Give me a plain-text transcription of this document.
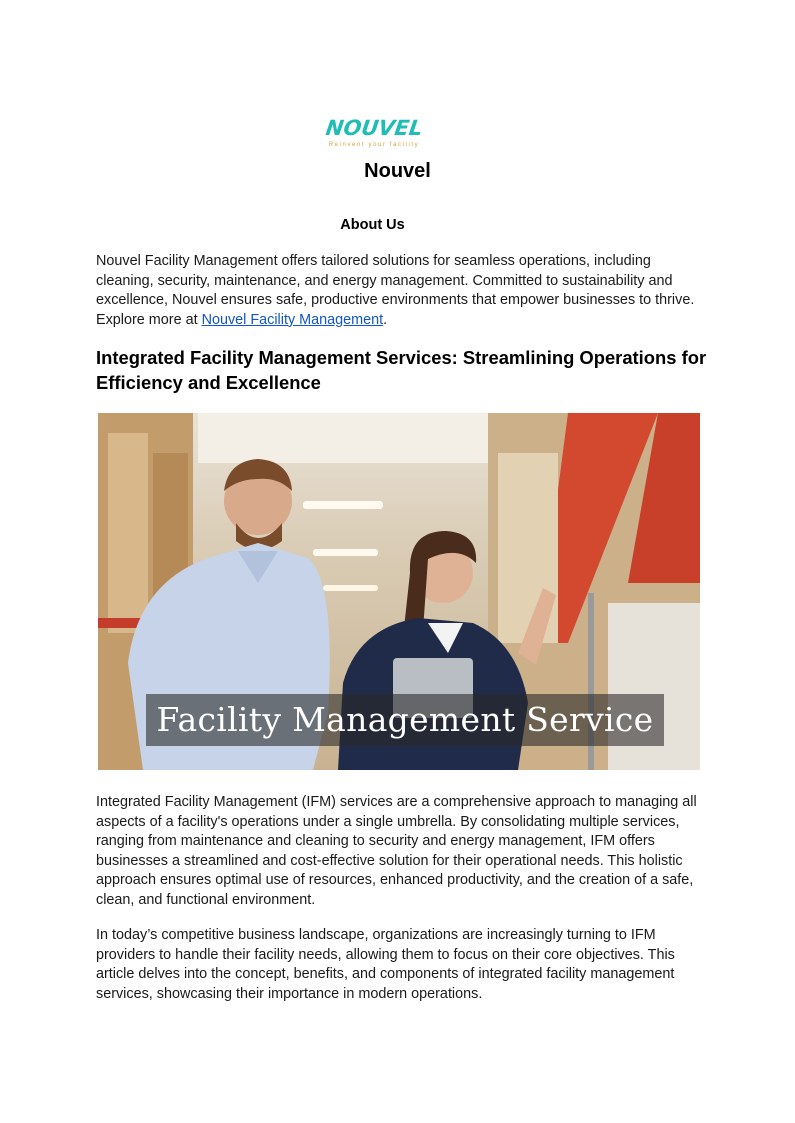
NOUVEL
Reinvent your facility
Nouvel
About Us

Nouvel Facility Management offers tailored solutions for seamless operations, including cleaning, security, maintenance, and energy management. Committed to sustainability and excellence, Nouvel ensures safe, productive environments that empower businesses to thrive. Explore more at Nouvel Facility Management.

Integrated Facility Management Services: Streamlining Operations for Efficiency and Excellence
Facility Management Service

Integrated Facility Management (IFM) services are a comprehensive approach to managing all aspects of a facility's operations under a single umbrella. By consolidating multiple services, ranging from maintenance and cleaning to security and energy management, IFM offers businesses a streamlined and cost-effective solution for their operational needs. This holistic approach ensures optimal use of resources, enhanced productivity, and the creation of a safe, clean, and functional environment.

In today’s competitive business landscape, organizations are increasingly turning to IFM providers to handle their facility needs, allowing them to focus on their core objectives. This article delves into the concept, benefits, and components of integrated facility management services, showcasing their importance in modern operations.
